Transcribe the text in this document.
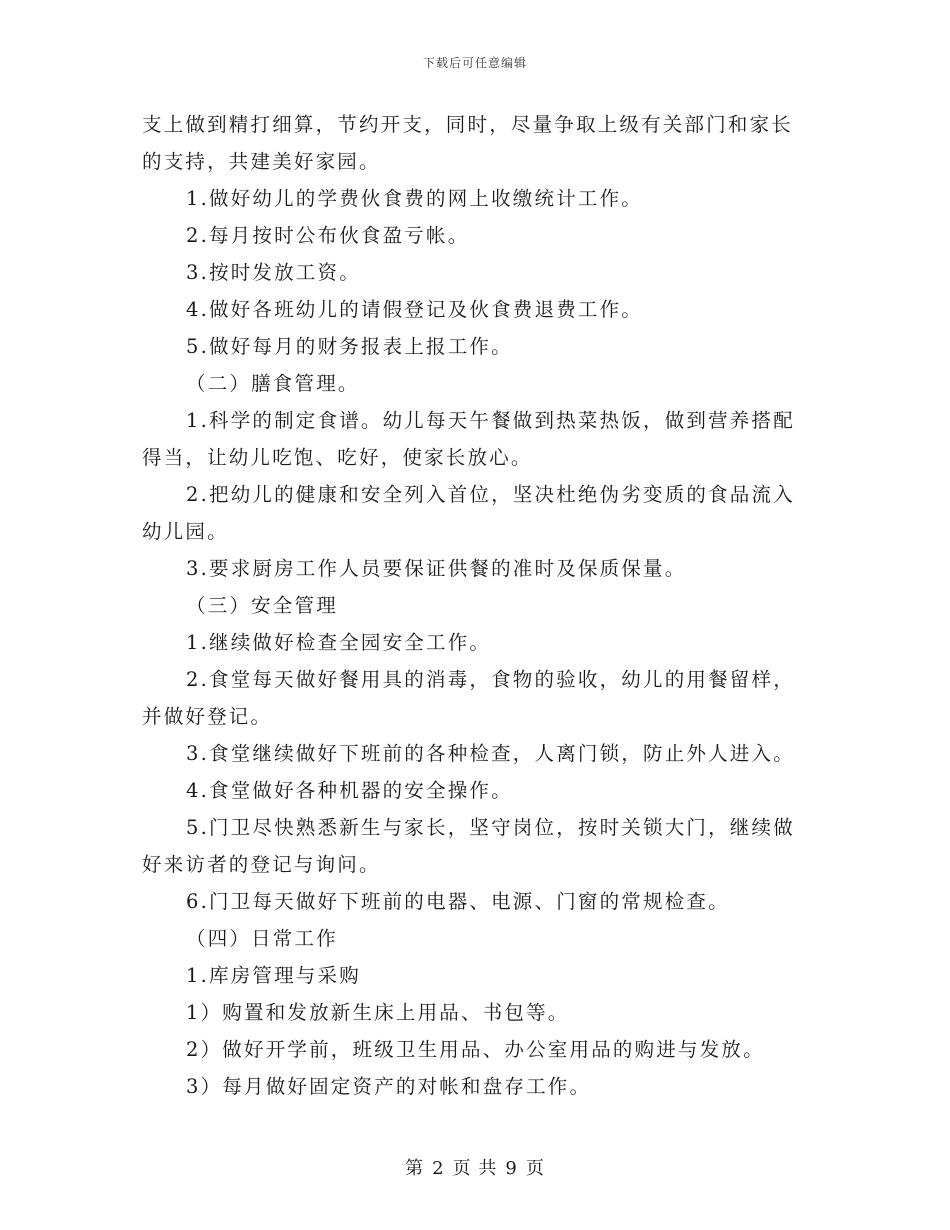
下载后可任意编辑

支上做到精打细算，节约开支，同时，尽量争取上级有关部门和家长的支持，共建美好家园。

1.做好幼儿的学费伙食费的网上收缴统计工作。

2.每月按时公布伙食盈亏帐。

3.按时发放工资。

4.做好各班幼儿的请假登记及伙食费退费工作。

5.做好每月的财务报表上报工作。

（二）膳食管理。

1.科学的制定食谱。幼儿每天午餐做到热菜热饭，做到营养搭配得当，让幼儿吃饱、吃好，使家长放心。

2.把幼儿的健康和安全列入首位，坚决杜绝伪劣变质的食品流入幼儿园。

3.要求厨房工作人员要保证供餐的准时及保质保量。

（三）安全管理

1.继续做好检查全园安全工作。

2.食堂每天做好餐用具的消毒，食物的验收，幼儿的用餐留样，并做好登记。

3.食堂继续做好下班前的各种检查，人离门锁，防止外人进入。

4.食堂做好各种机器的安全操作。

5.门卫尽快熟悉新生与家长，坚守岗位，按时关锁大门，继续做好来访者的登记与询问。

6.门卫每天做好下班前的电器、电源、门窗的常规检查。

（四）日常工作

1.库房管理与采购

1）购置和发放新生床上用品、书包等。

2）做好开学前，班级卫生用品、办公室用品的购进与发放。

3）每月做好固定资产的对帐和盘存工作。

第 2 页 共 9 页
